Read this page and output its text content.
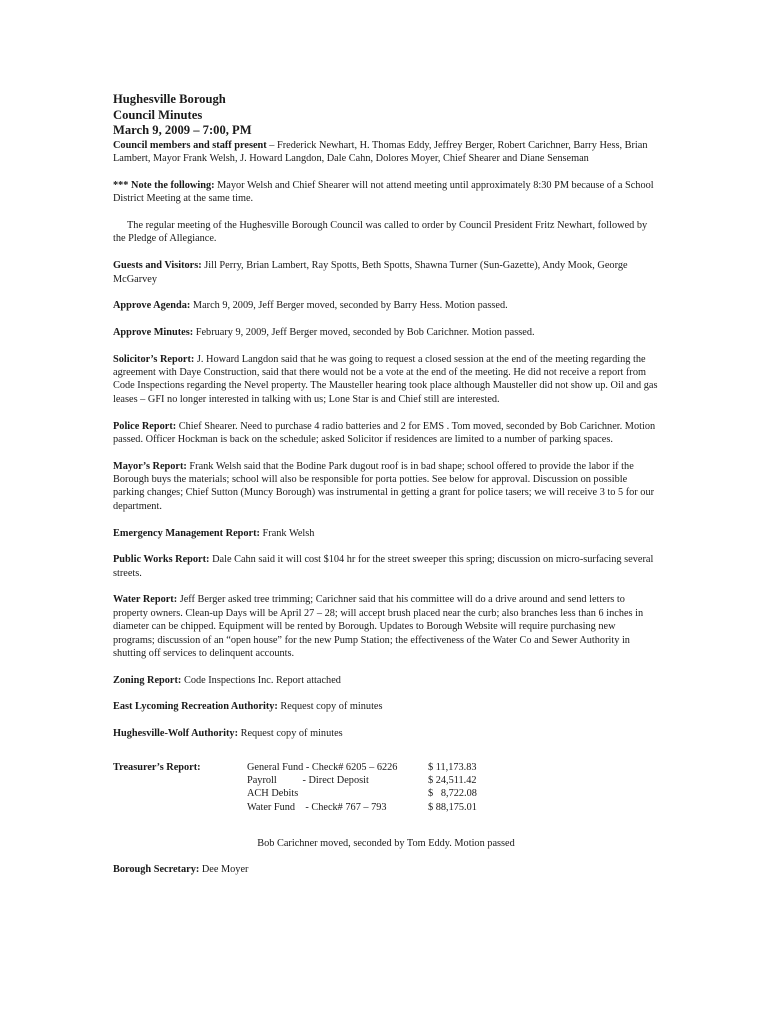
Hughesville Borough
Council Minutes
March 9, 2009 – 7:00, PM

Council members and staff present – Frederick Newhart, H. Thomas Eddy, Jeffrey Berger, Robert Carichner, Barry Hess, Brian Lambert, Mayor Frank Welsh, J. Howard Langdon, Dale Cahn, Dolores Moyer, Chief Shearer and Diane Senseman

*** Note the following: Mayor Welsh and Chief Shearer will not attend meeting until approximately 8:30 PM because of a School District Meeting at the same time.

The regular meeting of the Hughesville Borough Council was called to order by Council President Fritz Newhart, followed by the Pledge of Allegiance.

Guests and Visitors: Jill Perry, Brian Lambert, Ray Spotts, Beth Spotts, Shawna Turner (Sun-Gazette), Andy Mook, George McGarvey

Approve Agenda: March 9, 2009, Jeff Berger moved, seconded by Barry Hess. Motion passed.

Approve Minutes: February 9, 2009, Jeff Berger moved, seconded by Bob Carichner. Motion passed.

Solicitor’s Report: J. Howard Langdon said that he was going to request a closed session at the end of the meeting regarding the agreement with Daye Construction, said that there would not be a vote at the end of the meeting. He did not receive a report from Code Inspections regarding the Nevel property. The Mausteller hearing took place although Mausteller did not show up. Oil and gas leases – GFI no longer interested in talking with us; Lone Star is and Chief still are interested.

Police Report: Chief Shearer. Need to purchase 4 radio batteries and 2 for EMS . Tom moved, seconded by Bob Carichner. Motion passed. Officer Hockman is back on the schedule; asked Solicitor if residences are limited to a number of parking spaces.

Mayor’s Report: Frank Welsh said that the Bodine Park dugout roof is in bad shape; school offered to provide the labor if the Borough buys the materials; school will also be responsible for porta potties. See below for approval. Discussion on possible parking changes; Chief Sutton (Muncy Borough) was instrumental in getting a grant for police tasers; we will receive 3 to 5 for our department.

Emergency Management Report: Frank Welsh

Public Works Report: Dale Cahn said it will cost $104 hr for the street sweeper this spring; discussion on micro-surfacing several streets.

Water Report: Jeff Berger asked tree trimming; Carichner said that his committee will do a drive around and send letters to property owners. Clean-up Days will be April 27 – 28; will accept brush placed near the curb; also branches less than 6 inches in diameter can be chipped. Equipment will be rented by Borough. Updates to Borough Website will require purchasing new programs; discussion of an “open house” for the new Pump Station; the effectiveness of the Water Co and Sewer Authority in shutting off services to delinquent accounts.

Zoning Report: Code Inspections Inc. Report attached

East Lycoming Recreation Authority: Request copy of minutes

Hughesville-Wolf Authority: Request copy of minutes

Treasurer’s Report:	General Fund - Check# 6205 – 6226	$ 11,173.83
Payroll          - Direct Deposit	$ 24,511.42
ACH Debits	$   8,722.08
Water Fund    - Check# 767 – 793	$ 88,175.01
Bob Carichner moved, seconded by Tom Eddy. Motion passed

Borough Secretary: Dee Moyer
